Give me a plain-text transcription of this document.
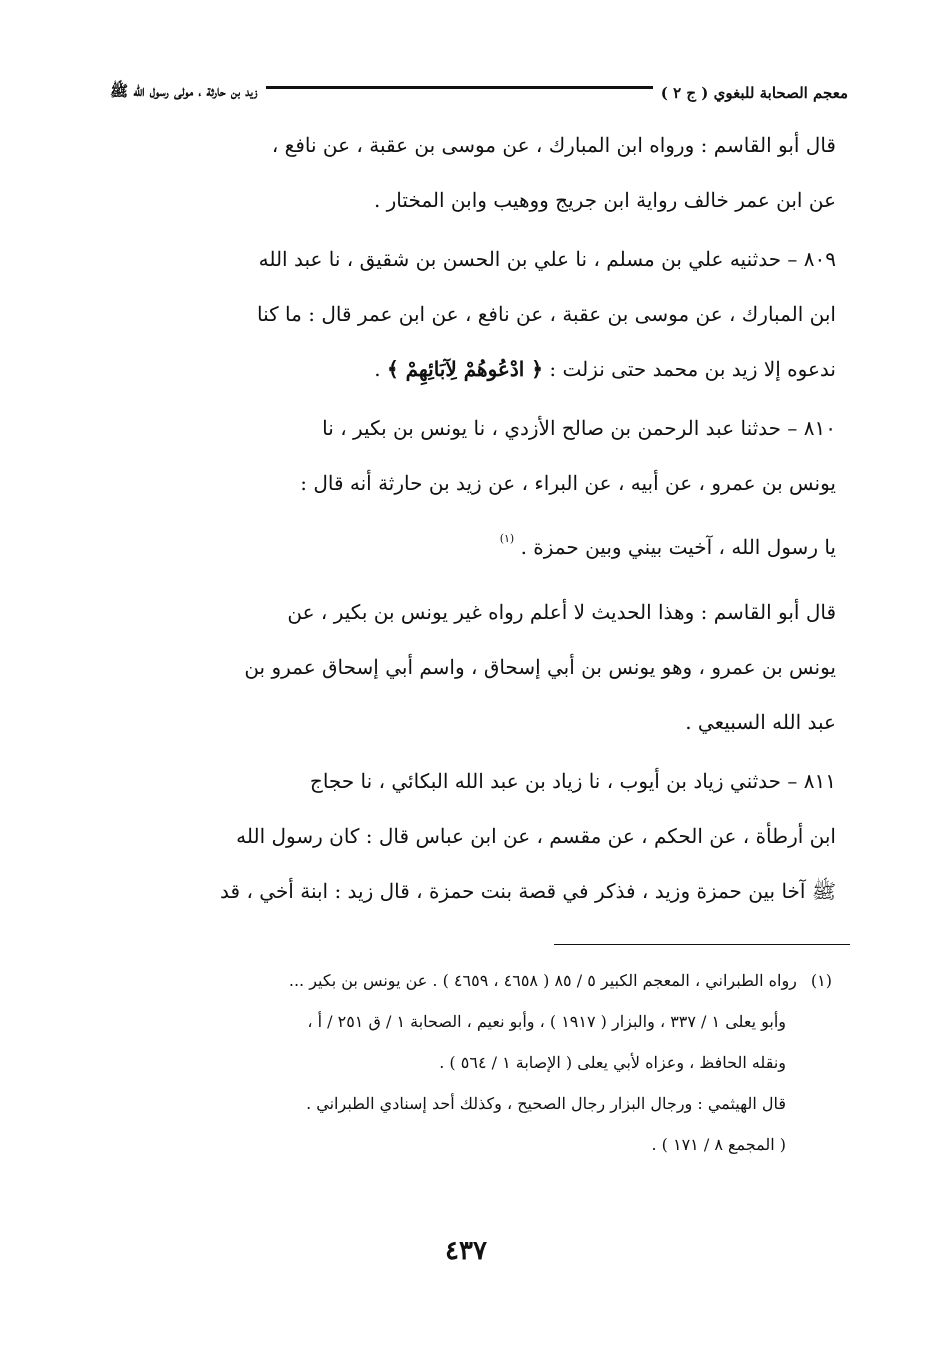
معجم الصحابة للبغوي ( ج ٢ )
زيد بن حارثة ، مولى رسول الله ﷺ

قال أبو القاسم : ورواه ابن المبارك ، عن موسى بن عقبة ، عن نافع ،

عن ابن عمر خالف رواية ابن جريج ووهيب وابن المختار .

٨٠٩ – حدثنيه علي بن مسلم ، نا علي بن الحسن بن شقيق ، نا عبد الله

ابن المبارك ، عن موسى بن عقبة ، عن نافع ، عن ابن عمر قال : ما كنا

ندعوه إلا زيد بن محمد حتى نزلت : ﴿ ادْعُوهُمْ لِآبَائِهِمْ ﴾ .

٨١٠ – حدثنا عبد الرحمن بن صالح الأزدي ، نا يونس بن بكير ، نا

يونس بن عمرو ، عن أبيه ، عن البراء ، عن زيد بن حارثة أنه قال :

يا رسول الله ، آخيت بيني وبين حمزة . $^{(١)}$

قال أبو القاسم : وهذا الحديث لا أعلم رواه غير يونس بن بكير ، عن

يونس بن عمرو ، وهو يونس بن أبي إسحاق ، واسم أبي إسحاق عمرو بن

عبد الله السبيعي .

٨١١ – حدثني زياد بن أيوب ، نا زياد بن عبد الله البكائي ، نا حجاج

ابن أرطأة ، عن الحكم ، عن مقسم ، عن ابن عباس قال : كان رسول الله

ﷺ آخا بين حمزة وزيد ، فذكر في قصة بنت حمزة ، قال زيد : ابنة أخي ، قد

(١)رواه الطبراني ، المعجم الكبير ٥ / ٨٥ ( ٤٦٥٨ ، ٤٦٥٩ ) . عن يونس بن بكير ...

وأبو يعلى ١ / ٣٣٧ ، والبزار ( ١٩١٧ ) ، وأبو نعيم ، الصحابة ١ / ق ٢٥١ / أ ،

ونقله الحافظ ، وعزاه لأبي يعلى ( الإصابة ١ / ٥٦٤ ) .

قال الهيثمي : ورجال البزار رجال الصحيح ، وكذلك أحد إسنادي الطبراني .

( المجمع ٨ / ١٧١ ) .

٤٣٧
